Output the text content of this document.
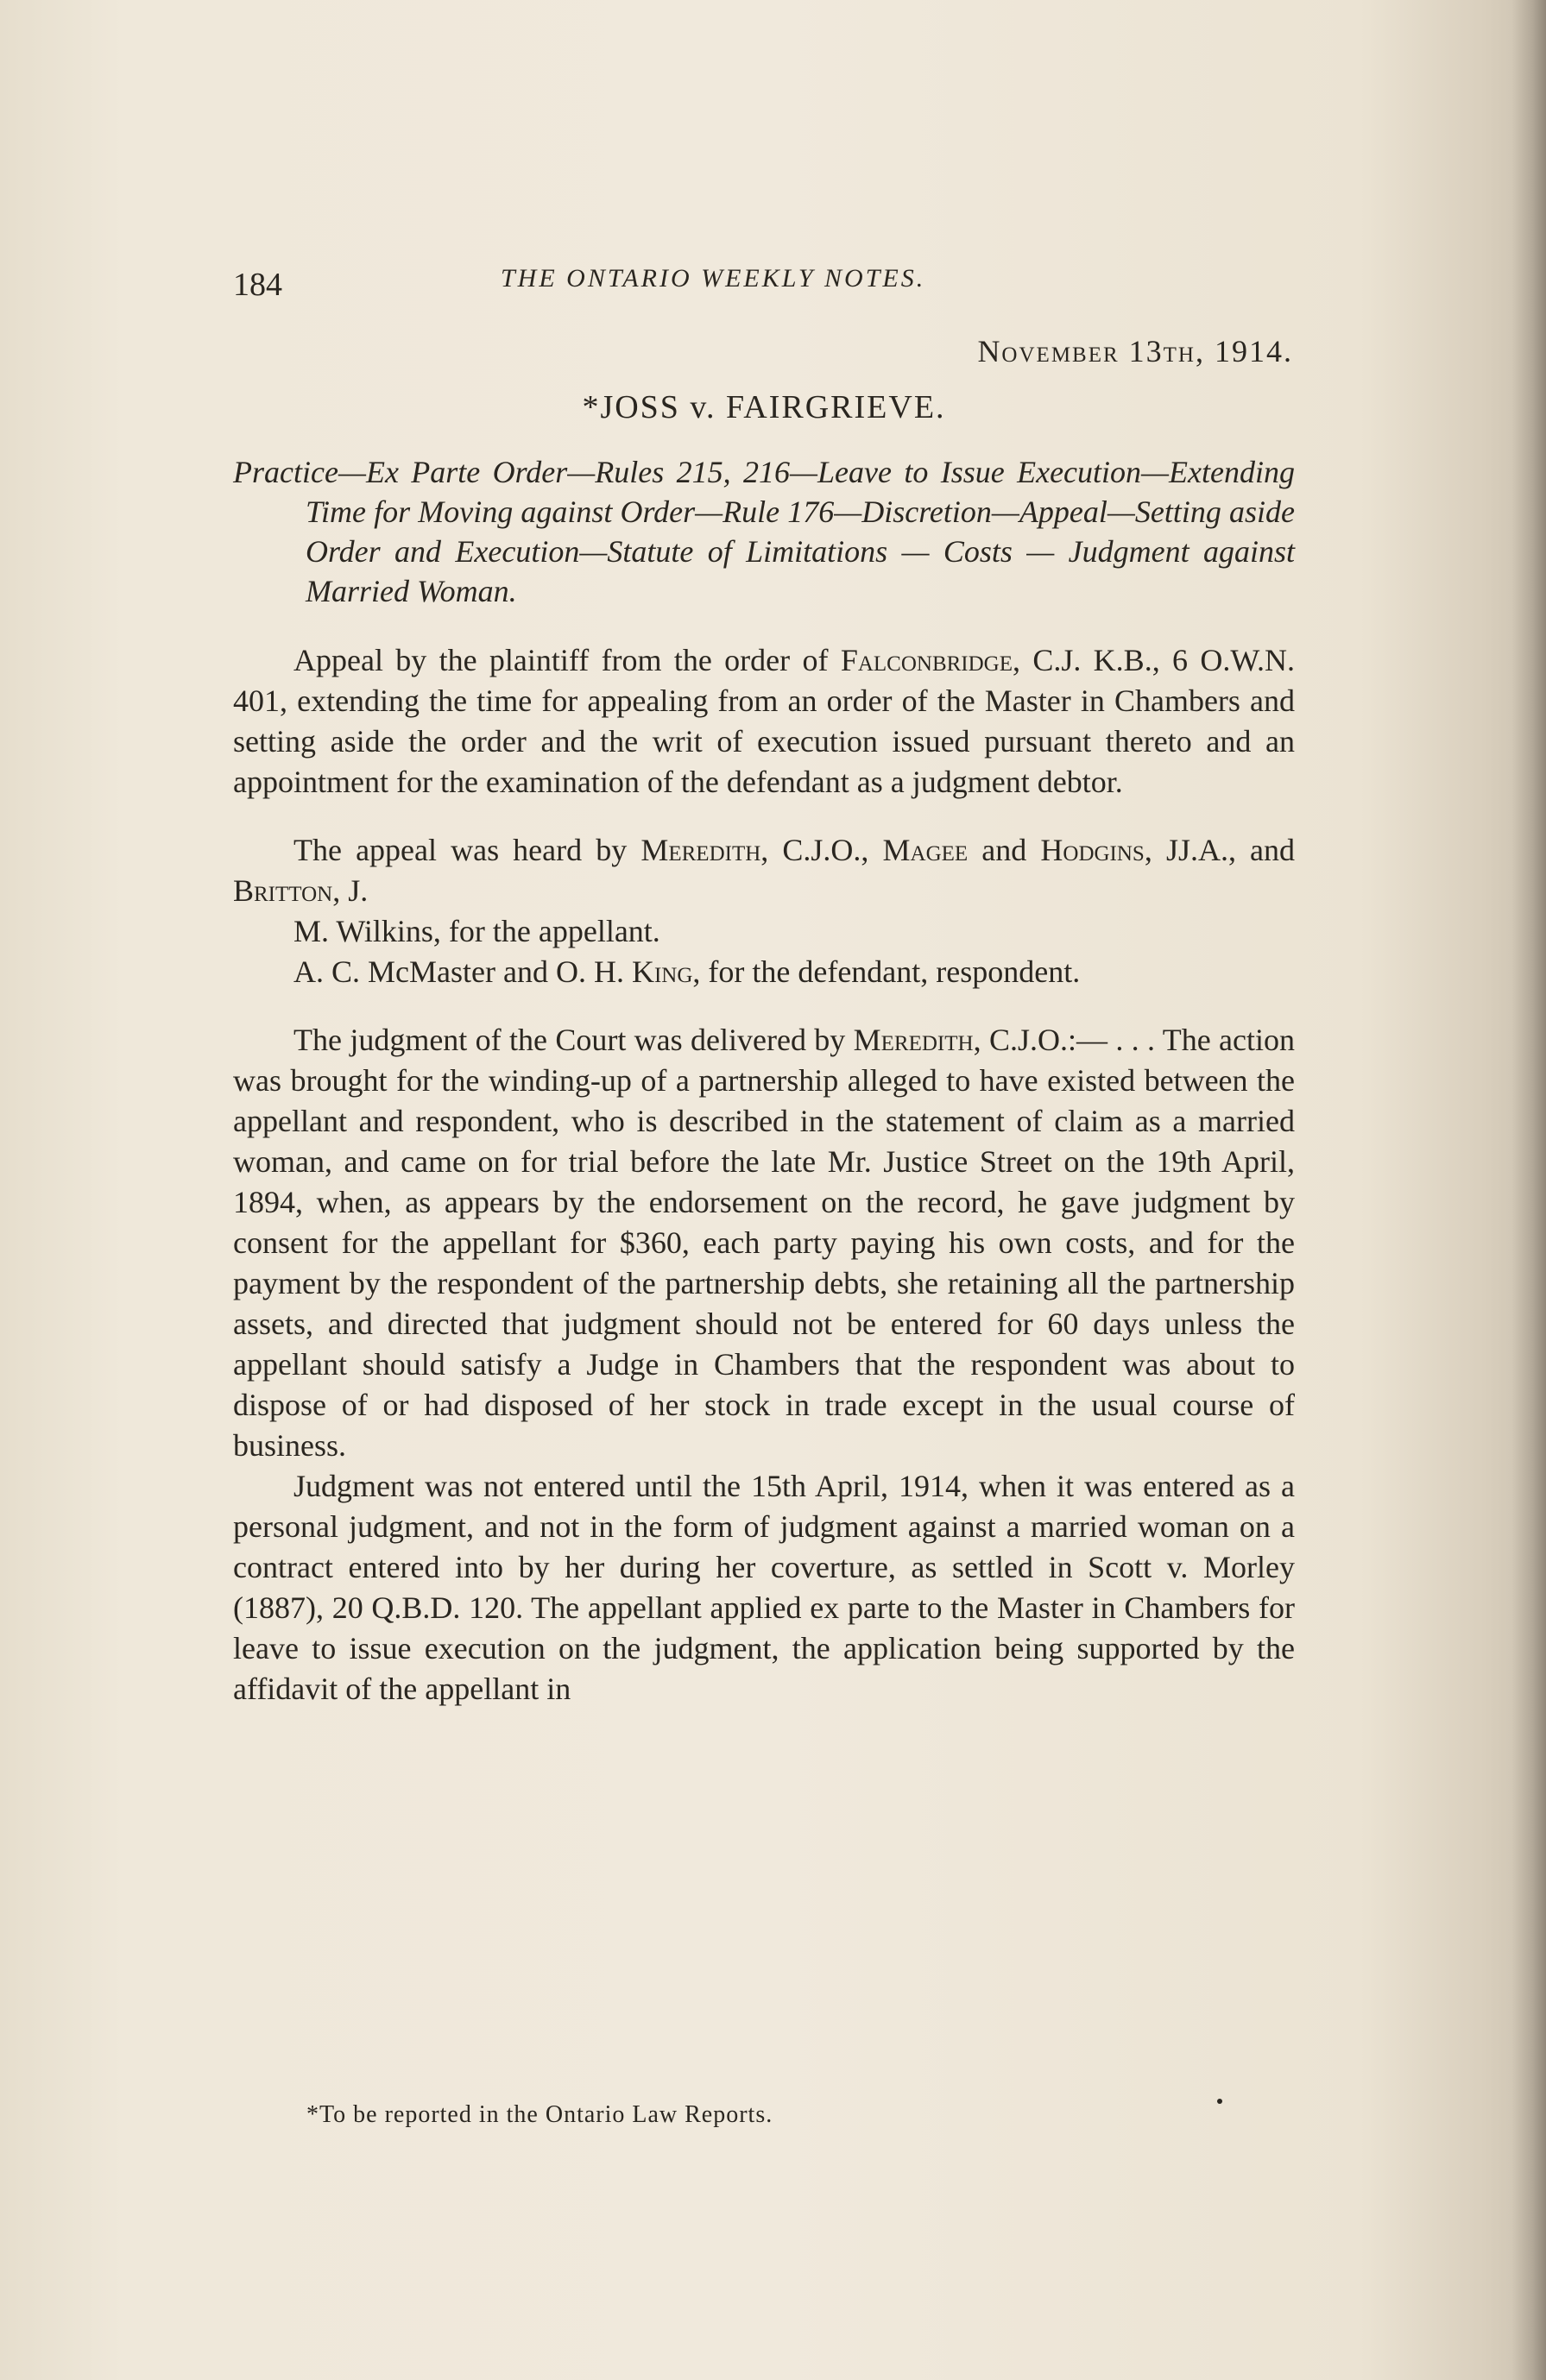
184	THE ONTARIO WEEKLY NOTES.
November 13th, 1914.
*JOSS v. FAIRGRIEVE.

Practice—Ex Parte Order—Rules 215, 216—Leave to Issue Execution—Extending Time for Moving against Order—Rule 176—Discretion—Appeal—Setting aside Order and Execution—Statute of Limitations — Costs — Judgment against Married Woman.

Appeal by the plaintiff from the order of Falconbridge, C.J. K.B., 6 O.W.N. 401, extending the time for appealing from an order of the Master in Chambers and setting aside the order and the writ of execution issued pursuant thereto and an appointment for the examination of the defendant as a judgment debtor.

The appeal was heard by Meredith, C.J.O., Magee and Hodgins, JJ.A., and Britton, J.

M. Wilkins, for the appellant.

A. C. McMaster and O. H. King, for the defendant, respondent.

The judgment of the Court was delivered by Meredith, C.J.O.:— . . . The action was brought for the winding-up of a partnership alleged to have existed between the appellant and respondent, who is described in the statement of claim as a married woman, and came on for trial before the late Mr. Justice Street on the 19th April, 1894, when, as appears by the endorsement on the record, he gave judgment by consent for the appellant for $360, each party paying his own costs, and for the payment by the respondent of the partnership debts, she retaining all the partnership assets, and directed that judgment should not be entered for 60 days unless the appellant should satisfy a Judge in Chambers that the respondent was about to dispose of or had disposed of her stock in trade except in the usual course of business.

Judgment was not entered until the 15th April, 1914, when it was entered as a personal judgment, and not in the form of judgment against a married woman on a contract entered into by her during her coverture, as settled in Scott v. Morley (1887), 20 Q.B.D. 120. The appellant applied ex parte to the Master in Chambers for leave to issue execution on the judgment, the application being supported by the affidavit of the appellant in

*To be reported in the Ontario Law Reports.
